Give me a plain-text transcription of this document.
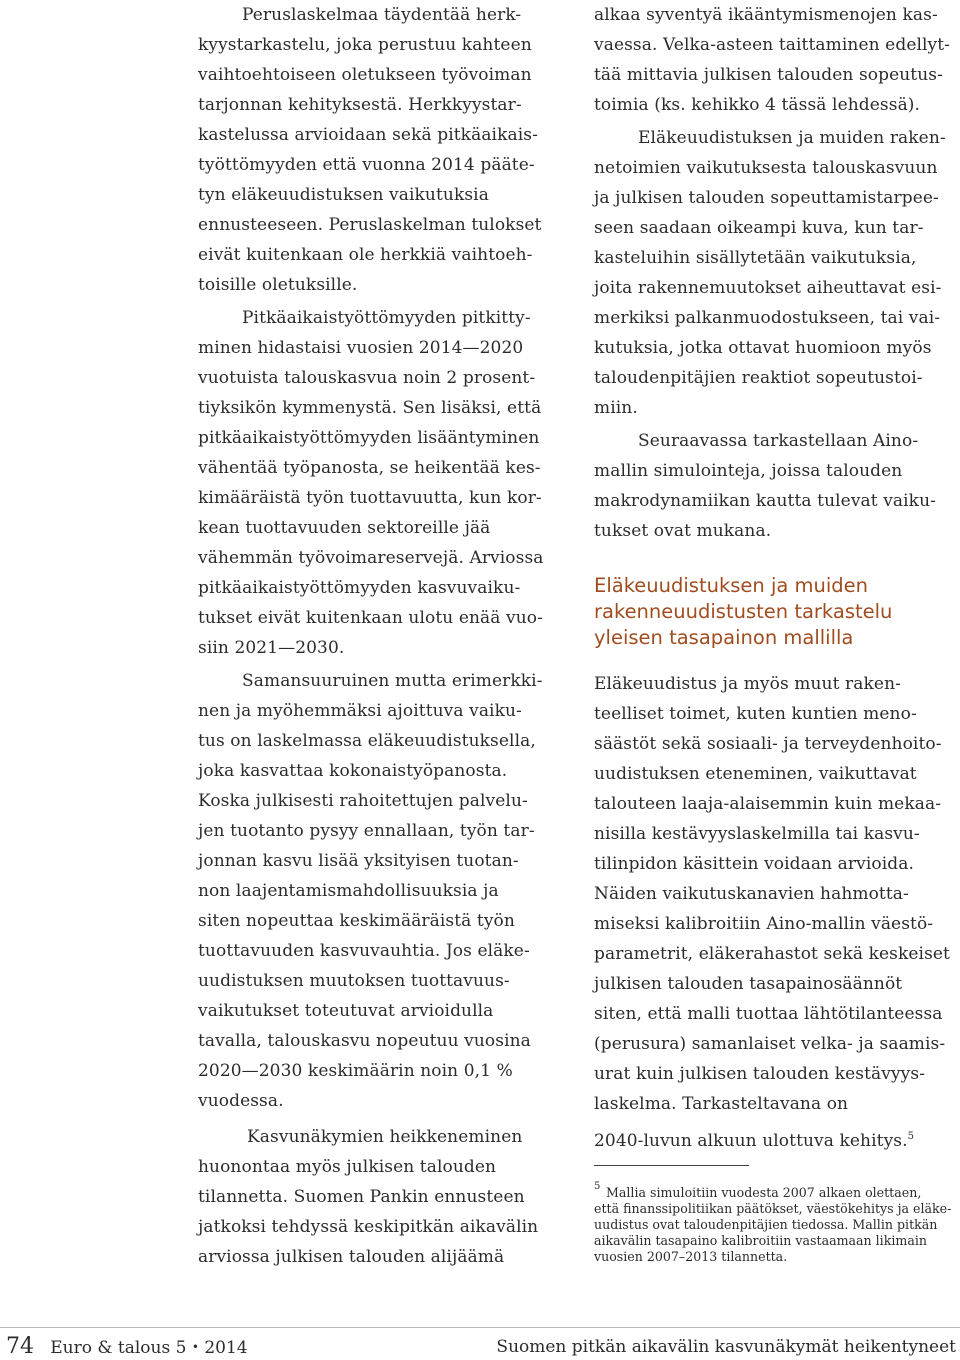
Peruslaskelmaa täydentää herk-
kyystarkastelu, joka perustuu kahteen
vaihtoehtoiseen oletukseen työvoiman
tarjonnan kehityksestä. Herkkyystar-
kastelussa arvioidaan sekä pitkäaikais-
työttömyyden että vuonna 2014 pääte-
tyn eläkeuudistuksen vaikutuksia
ennusteeseen. Peruslaskelman tulokset
eivät kuitenkaan ole herkkiä vaihtoeh-
toisille oletuksille.
Pitkäaikaistyöttömyyden pitkitty-
minen hidastaisi vuosien 2014—2020
vuotuista talouskasvua noin 2 prosent-
tiyksikön kymmenystä. Sen lisäksi, että
pitkäaikaistyöttömyyden lisääntyminen
vähentää työpanosta, se heikentää kes-
kimääräistä työn tuottavuutta, kun kor-
kean tuottavuuden sektoreille jää
vähemmän työvoimareservejä. Arviossa
pitkäaikaistyöttömyyden kasvuvaiku-
tukset eivät kuitenkaan ulotu enää vuo-
siin 2021—2030.
Samansuuruinen mutta erimerkki-
nen ja myöhemmäksi ajoittuva vaiku-
tus on laskelmassa eläkeuudistuksella,
joka kasvattaa kokonaistyöpanosta.
Koska julkisesti rahoitettujen palvelu-
jen tuotanto pysyy ennallaan, työn tar-
jonnan kasvu lisää yksityisen tuotan-
non laajentamismahdollisuuksia ja
siten nopeuttaa keskimääräistä työn
tuottavuuden kasvuvauhtia. Jos eläke-
uudistuksen muutoksen tuottavuus-
vaikutukset toteutuvat arvioidulla
tavalla, talouskasvu nopeutuu vuosina
2020—2030 keskimäärin noin 0,1 %
vuodessa.
Kasvunäkymien heikkeneminen
huonontaa myös julkisen talouden
tilannetta. Suomen Pankin ennusteen
jatkoksi tehdyssä keskipitkän aikavälin
arviossa julkisen talouden alijäämä
alkaa syventyä ikääntymismenojen kas-
vaessa. Velka-asteen taittaminen edellyt-
tää mittavia julkisen talouden sopeutus-
toimia (ks. kehikko 4 tässä lehdessä).
Eläkeuudistuksen ja muiden raken-
netoimien vaikutuksesta talouskasvuun
ja julkisen talouden sopeuttamistarpee-
seen saadaan oikeampi kuva, kun tar-
kasteluihin sisällytetään vaikutuksia,
joita rakennemuutokset aiheuttavat esi-
merkiksi palkanmuodostukseen, tai vai-
kutuksia, jotka ottavat huomioon myös
taloudenpitäjien reaktiot sopeutustoi-
miin.
Seuraavassa tarkastellaan Aino-
mallin simulointeja, joissa talouden
makrodynamiikan kautta tulevat vaiku-
tukset ovat mukana.
Eläkeuudistus ja myös muut raken-
teelliset toimet, kuten kuntien meno-
säästöt sekä sosiaali- ja terveydenhoito-
uudistuksen eteneminen, vaikuttavat
talouteen laaja-alaisemmin kuin mekaa-
nisilla kestävyyslaskelmilla tai kasvu-
tilinpidon käsittein voidaan arvioida.
Näiden vaikutuskanavien hahmotta-
miseksi kalibroitiin Aino-mallin väestö-
parametrit, eläkerahastot sekä keskeiset
julkisen talouden tasapainosäännöt
siten, että malli tuottaa lähtötilanteessa
(perusura) samanlaiset velka- ja saamis-
urat kuin julkisen talouden kestävyys-
laskelma. Tarkasteltavana on
2040-luvun alkuun ulottuva kehitys.$^5$
Eläkeuudistuksen ja muiden
rakenneuudistusten tarkastelu
yleisen tasapainon mallilla
5 Mallia simuloitiin vuodesta 2007 alkaen olettaen,
että finanssipolitiikan päätökset, väestökehitys ja eläke-
uudistus ovat taloudenpitäjien tiedossa. Mallin pitkän
aikavälin tasapaino kalibroitiin vastaamaan likimain
vuosien 2007–2013 tilannetta.
74 Euro & talous 5 • 2014	Suomen pitkän aikavälin kasvunäkymät heikentyneet
